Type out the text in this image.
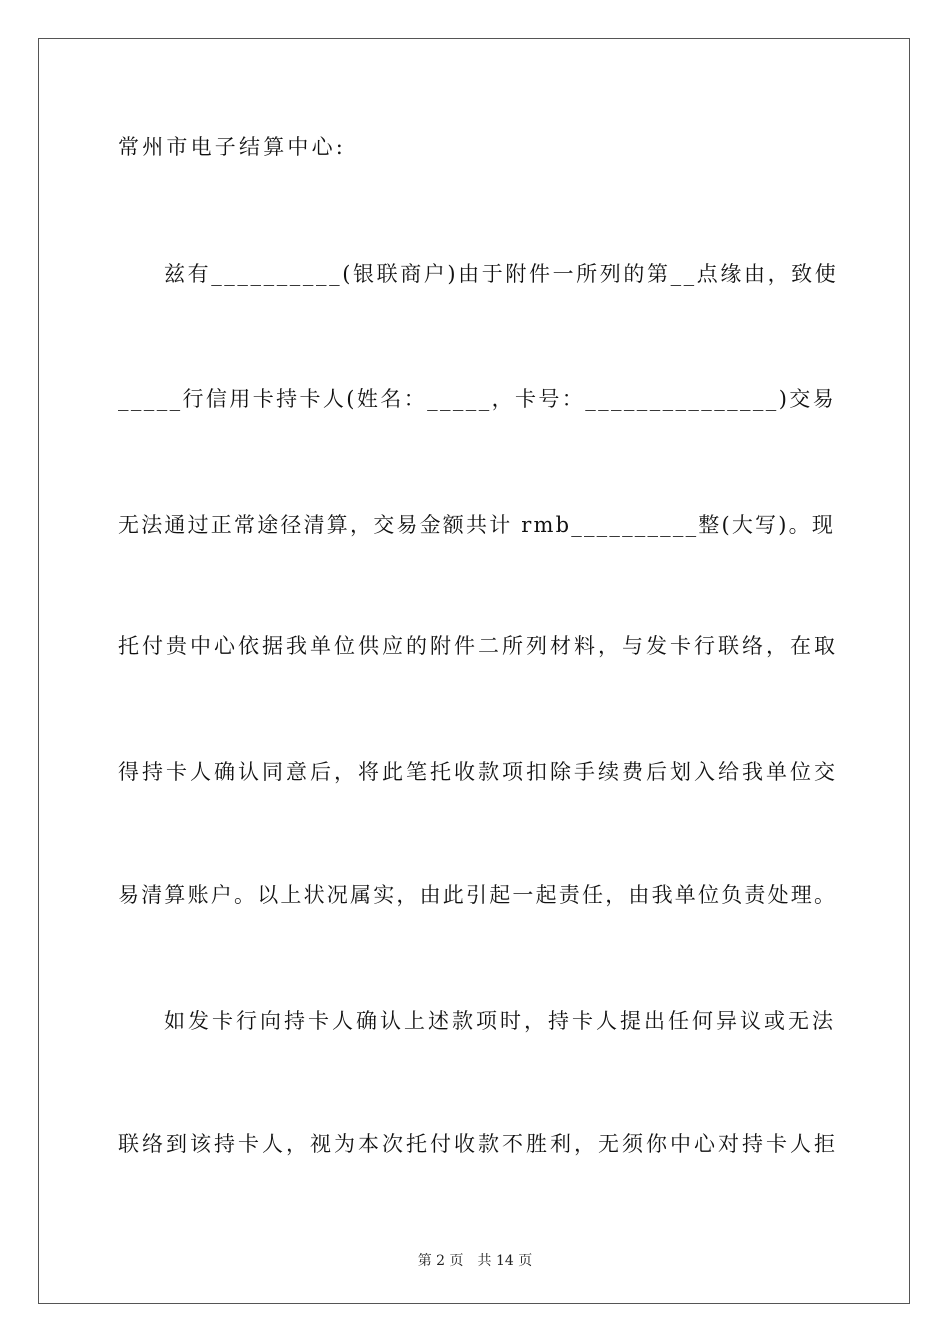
常州市电子结算中心:
兹有__________(银联商户)由于附件一所列的第__点缘由，致使
_____行信用卡持卡人(姓名：_____，卡号：_______________)交易
无法通过正常途径清算，交易金额共计 rmb__________整(大写)。现
托付贵中心依据我单位供应的附件二所列材料，与发卡行联络，在取
得持卡人确认同意后，将此笔托收款项扣除手续费后划入给我单位交
易清算账户。以上状况属实，由此引起一起责任，由我单位负责处理。
如发卡行向持卡人确认上述款项时，持卡人提出任何异议或无法
联络到该持卡人，视为本次托付收款不胜利，无须你中心对持卡人拒
第 2 页　共 14 页
